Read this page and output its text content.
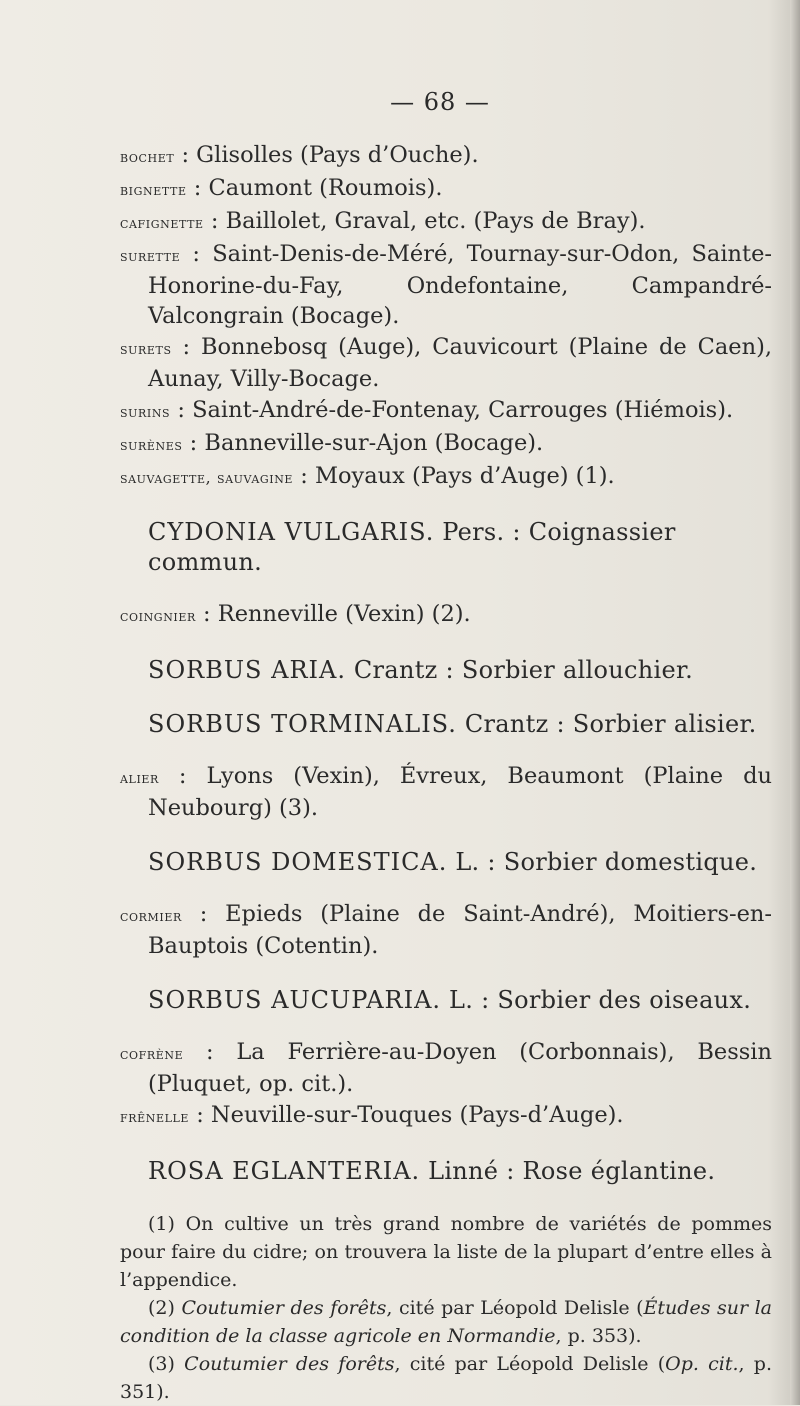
— 68 —

bochet : Glisolles (Pays d’Ouche).

bignette : Caumont (Roumois).

cafignette : Baillolet, Graval, etc. (Pays de Bray).

surette : Saint-Denis-de-Méré, Tournay-sur-Odon, Sainte-Honorine-du-Fay, Ondefontaine, Campandré-Valcongrain (Bocage).

surets : Bonnebosq (Auge), Cauvicourt (Plaine de Caen), Aunay, Villy-Bocage.

surins : Saint-André-de-Fontenay, Carrouges (Hiémois).

surènes : Banneville-sur-Ajon (Bocage).

sauvagette, sauvagine : Moyaux (Pays d’Auge) (1).

CYDONIA VULGARIS. Pers. : Coignassier commun.

coingnier : Renneville (Vexin) (2).

SORBUS ARIA. Crantz : Sorbier allouchier.
SORBUS TORMINALIS. Crantz : Sorbier alisier.

alier : Lyons (Vexin), Évreux, Beaumont (Plaine du Neubourg) (3).

SORBUS DOMESTICA. L. : Sorbier domestique.

cormier : Epieds (Plaine de Saint-André), Moitiers-en-Bauptois (Cotentin).

SORBUS AUCUPARIA. L. : Sorbier des oiseaux.

cofrène : La Ferrière-au-Doyen (Corbonnais), Bessin (Pluquet, op. cit.).

frênelle : Neuville-sur-Touques (Pays-d’Auge).

ROSA EGLANTERIA. Linné : Rose églantine.

(1) On cultive un très grand nombre de variétés de pommes pour faire du cidre; on trouvera la liste de la plupart d’entre elles à l’appendice.

(2) Coutumier des forêts, cité par Léopold Delisle (Études sur la condition de la classe agricole en Normandie, p. 353).

(3) Coutumier des forêts, cité par Léopold Delisle (Op. cit., p. 351).
